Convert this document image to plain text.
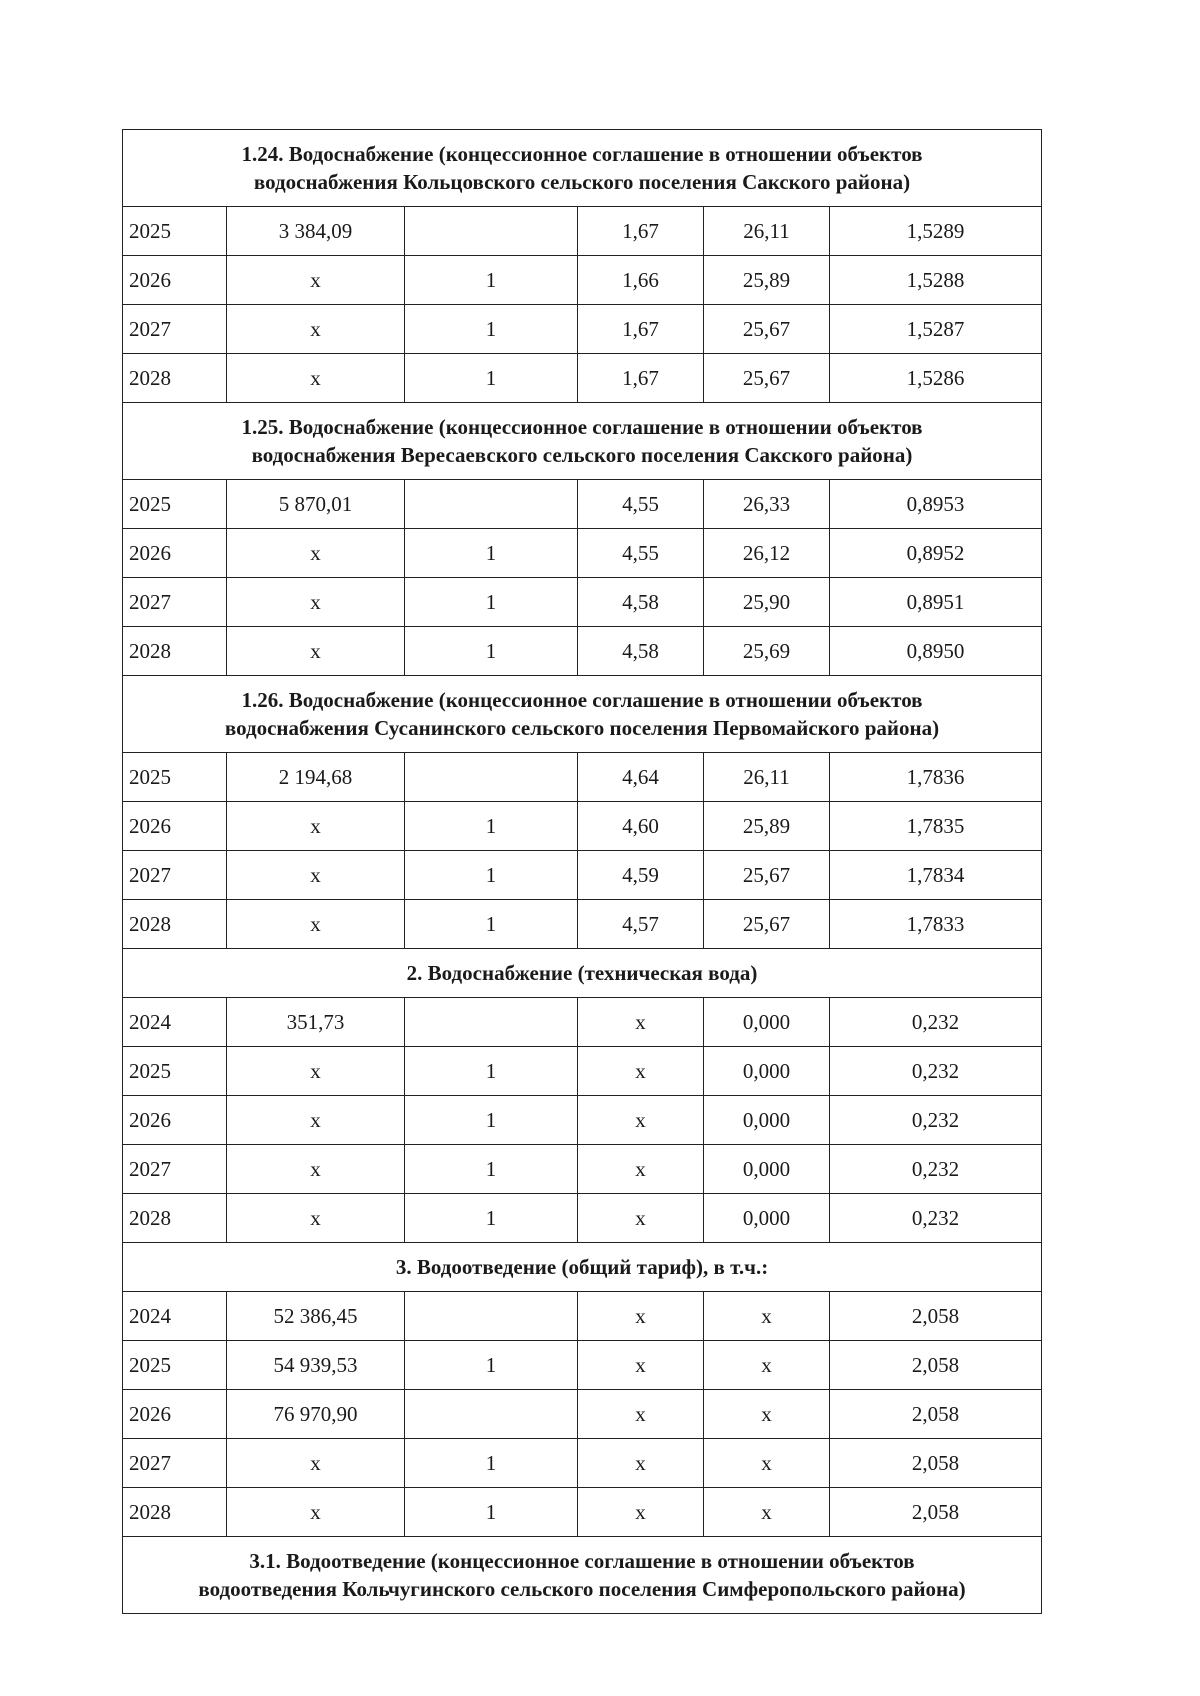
1.24. Водоснабжение (концессионное соглашение в отношении объектов
водоснабжения Кольцовского сельского поселения Сакского района)					

2025	3 384,09		1,67	26,11	1,5289
2026	х	1	1,66	25,89	1,5288
2027	х	1	1,67	25,67	1,5287
2028	х	1	1,67	25,67	1,5286

1.25. Водоснабжение (концессионное соглашение в отношении объектов
водоснабжения Вересаевского сельского поселения Сакского района)					

2025	5 870,01		4,55	26,33	0,8953
2026	х	1	4,55	26,12	0,8952
2027	х	1	4,58	25,90	0,8951
2028	х	1	4,58	25,69	0,8950

1.26. Водоснабжение (концессионное соглашение в отношении объектов
водоснабжения Сусанинского сельского поселения Первомайского района)					

2025	2 194,68		4,64	26,11	1,7836
2026	х	1	4,60	25,89	1,7835
2027	х	1	4,59	25,67	1,7834
2028	х	1	4,57	25,67	1,7833

2. Водоснабжение (техническая вода)					

2024	351,73		х	0,000	0,232
2025	х	1	х	0,000	0,232
2026	х	1	х	0,000	0,232
2027	х	1	х	0,000	0,232
2028	х	1	х	0,000	0,232

3. Водоотведение (общий тариф), в т.ч.:					

2024	52 386,45		х	х	2,058
2025	54 939,53	1	х	х	2,058
2026	76 970,90		х	х	2,058
2027	х	1	х	х	2,058
2028	х	1	х	х	2,058

3.1. Водоотведение (концессионное соглашение в отношении объектов
водоотведения Кольчугинского сельского поселения Симферопольского района)					
